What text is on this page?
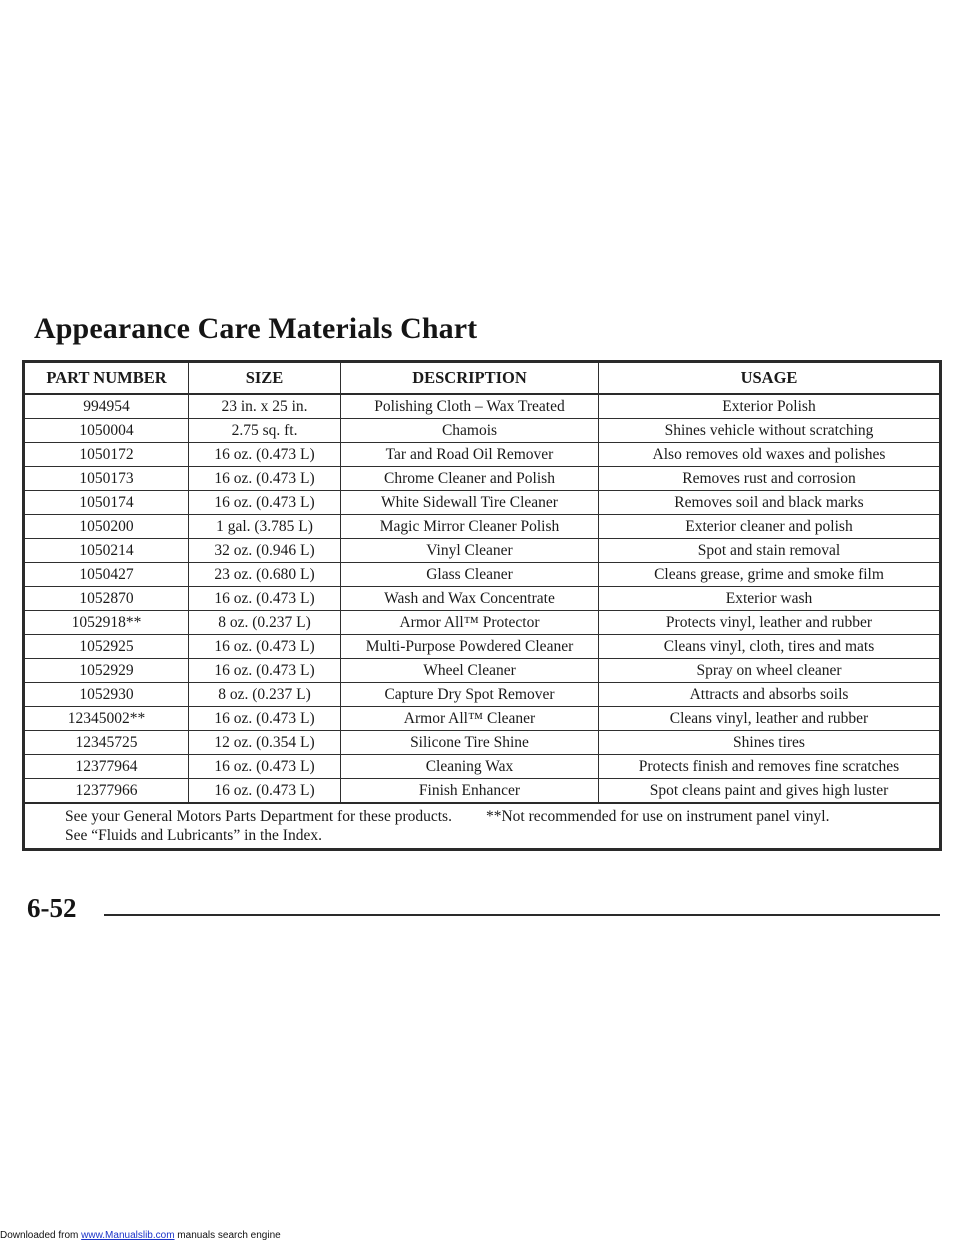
Appearance Care Materials Chart
PART NUMBER	SIZE	DESCRIPTION	USAGE
994954	23 in. x 25 in.	Polishing Cloth – Wax Treated	Exterior Polish
1050004	2.75 sq. ft.	Chamois	Shines vehicle without scratching
1050172	16 oz. (0.473 L)	Tar and Road Oil Remover	Also removes old waxes and polishes
1050173	16 oz. (0.473 L)	Chrome Cleaner and Polish	Removes rust and corrosion
1050174	16 oz. (0.473 L)	White Sidewall Tire Cleaner	Removes soil and black marks
1050200	1 gal. (3.785 L)	Magic Mirror Cleaner Polish	Exterior cleaner and polish
1050214	32 oz. (0.946 L)	Vinyl Cleaner	Spot and stain removal
1050427	23 oz. (0.680 L)	Glass Cleaner	Cleans grease, grime and smoke film
1052870	16 oz. (0.473 L)	Wash and Wax Concentrate	Exterior wash
1052918**	8 oz. (0.237 L)	Armor All™ Protector	Protects vinyl, leather and rubber
1052925	16 oz. (0.473 L)	Multi-Purpose Powdered Cleaner	Cleans vinyl, cloth, tires and mats
1052929	16 oz. (0.473 L)	Wheel Cleaner	Spray on wheel cleaner
1052930	8 oz. (0.237 L)	Capture Dry Spot Remover	Attracts and absorbs soils
12345002**	16 oz. (0.473 L)	Armor All™ Cleaner	Cleans vinyl, leather and rubber
12345725	12 oz. (0.354 L)	Silicone Tire Shine	Shines tires
12377964	16 oz. (0.473 L)	Cleaning Wax	Protects finish and removes fine scratches
12377966	16 oz. (0.473 L)	Finish Enhancer	Spot cleans paint and gives high luster

See your General Motors Parts Department for these products. **Not recommended for use on instrument panel vinyl.
See “Fluids and Lubricants” in the Index.			
6-52
Downloaded from www.Manualslib.com manuals search engine
